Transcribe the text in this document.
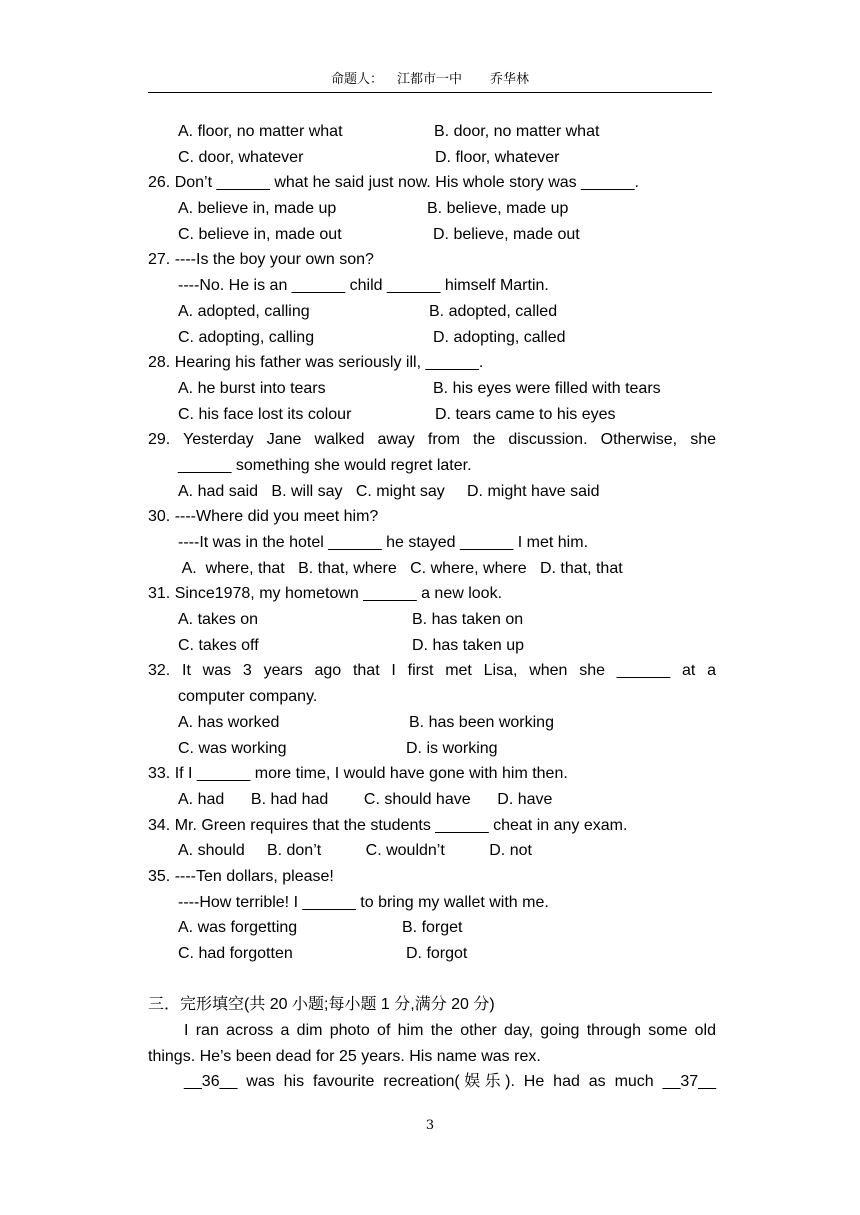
命题人： 江都市一中 乔华林
A. floor, no matter what	B. door, no matter what
C. door, whatever	D. floor, whatever
26. Don’t ______ what he said just now. His whole story was ______.
A. believe in, made up	B. believe, made up
C. believe in, made out	D. believe, made out
27. ----Is the boy your own son?
----No. He is an ______ child ______ himself Martin.
A. adopted, calling	B. adopted, called
C. adopting, calling	D. adopting, called
28. Hearing his father was seriously ill, ______.
A. he burst into tears	B. his eyes were filled with tears
C. his face lost its colour	D. tears came to his eyes
29. Yesterday Jane walked away from the discussion. Otherwise, she
______ something she would regret later.
A. had said   B. will say   C. might say     D. might have said
30. ----Where did you meet him?
----It was in the hotel ______ he stayed ______ I met him.
A.  where, that   B. that, where   C. where, where   D. that, that
31. Since1978, my hometown ______ a new look.
A. takes on	B. has taken on
C. takes off	D. has taken up
32. It was 3 years ago that I first met Lisa, when she ______ at a
computer company.
A. has worked	B. has been working
C. was working	D. is working
33. If I ______ more time, I would have gone with him then.
A. had      B. had had        C. should have      D. have
34. Mr. Green requires that the students ______ cheat in any exam.
A. should     B. don’t          C. wouldn’t          D. not
35. ----Ten dollars, please!
----How terrible! I ______ to bring my wallet with me.
A. was forgetting	B. forget
C. had forgotten	D. forgot
三．完形填空(共 20 小题;每小题 1 分,满分 20 分)
I ran across a dim photo of him the other day, going through some old
things. He’s been dead for 25 years. His name was rex.
__36__ was his favourite recreation(娱乐). He had as much __37__
3
